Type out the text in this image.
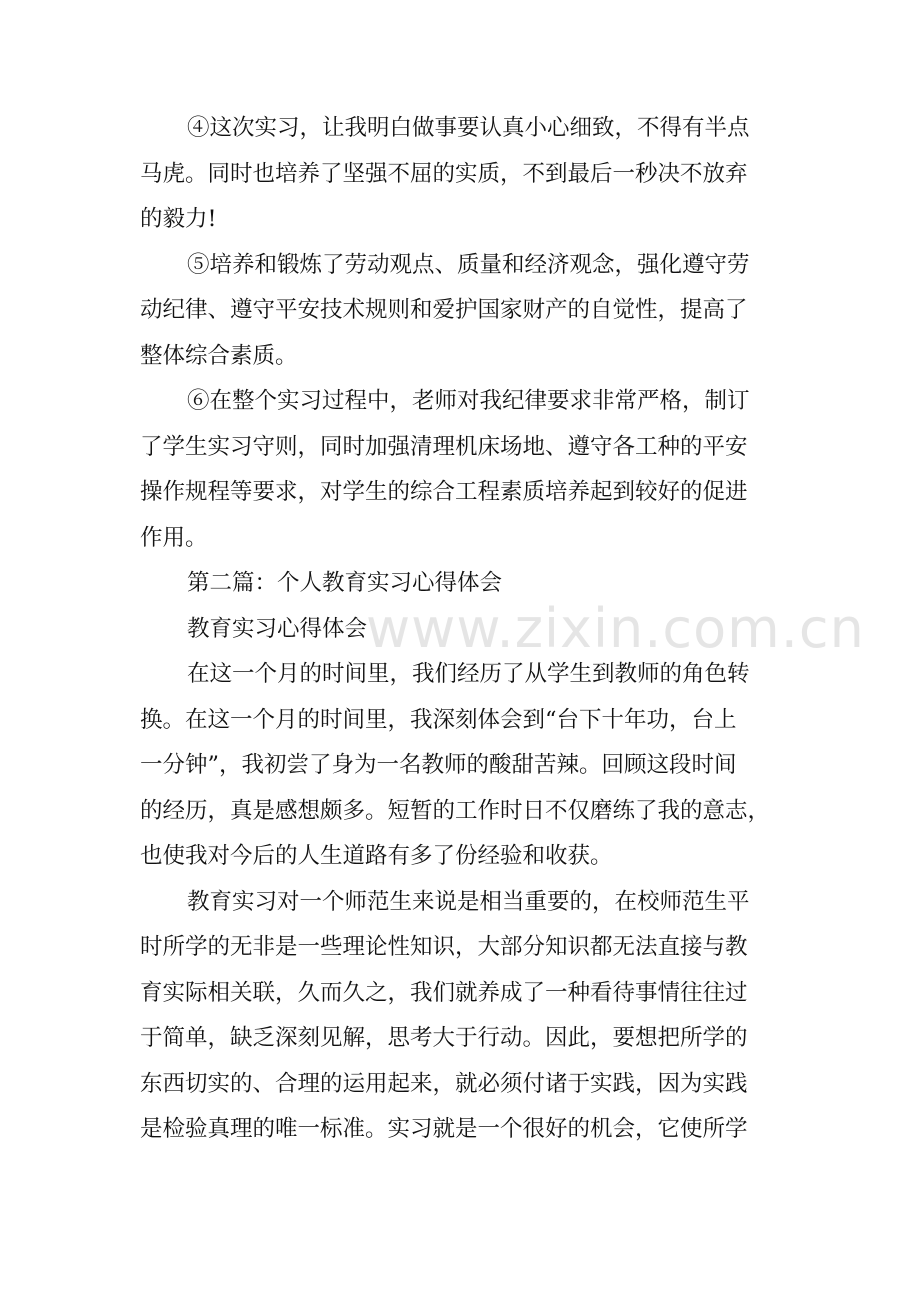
④这次实习，让我明白做事要认真小心细致，不得有半点
马虎。同时也培养了坚强不屈的实质，不到最后一秒决不放弃
的毅力!

⑤培养和锻炼了劳动观点、质量和经济观念，强化遵守劳
动纪律、遵守平安技术规则和爱护国家财产的自觉性，提高了
整体综合素质。

⑥在整个实习过程中，老师对我纪律要求非常严格，制订
了学生实习守则，同时加强清理机床场地、遵守各工种的平安
操作规程等要求，对学生的综合工程素质培养起到较好的促进
作用。

第二篇：个人教育实习心得体会

教育实习心得体会

在这一个月的时间里，我们经历了从学生到教师的角色转
换。在这一个月的时间里，我深刻体会到“台下十年功，台上
一分钟”，我初尝了身为一名教师的酸甜苦辣。回顾这段时间
的经历，真是感想颇多。短暂的工作时日不仅磨练了我的意志，
也使我对今后的人生道路有多了份经验和收获。

教育实习对一个师范生来说是相当重要的，在校师范生平
时所学的无非是一些理论性知识，大部分知识都无法直接与教
育实际相关联，久而久之，我们就养成了一种看待事情往往过
于简单，缺乏深刻见解，思考大于行动。因此，要想把所学的
东西切实的、合理的运用起来，就必须付诸于实践，因为实践
是检验真理的唯一标准。实习就是一个很好的机会，它使所学

www.zixin.com.cn
